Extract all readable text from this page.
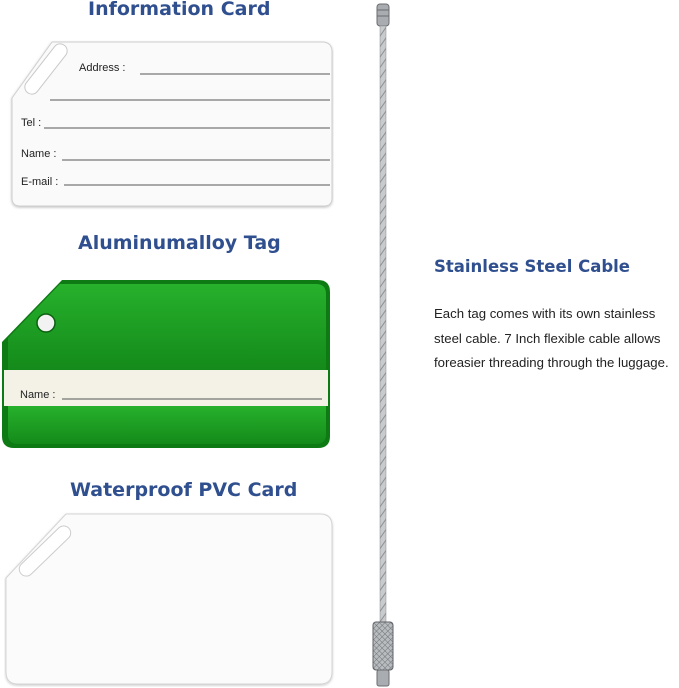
Information Card
Address :
Tel :
Name :
E-mail :
Aluminumalloy Tag
Name :
Waterproof PVC Card
Stainless Steel Cable
Each tag comes with its own stainless
steel cable. 7 Inch flexible cable allows
foreasier threading through the luggage.
